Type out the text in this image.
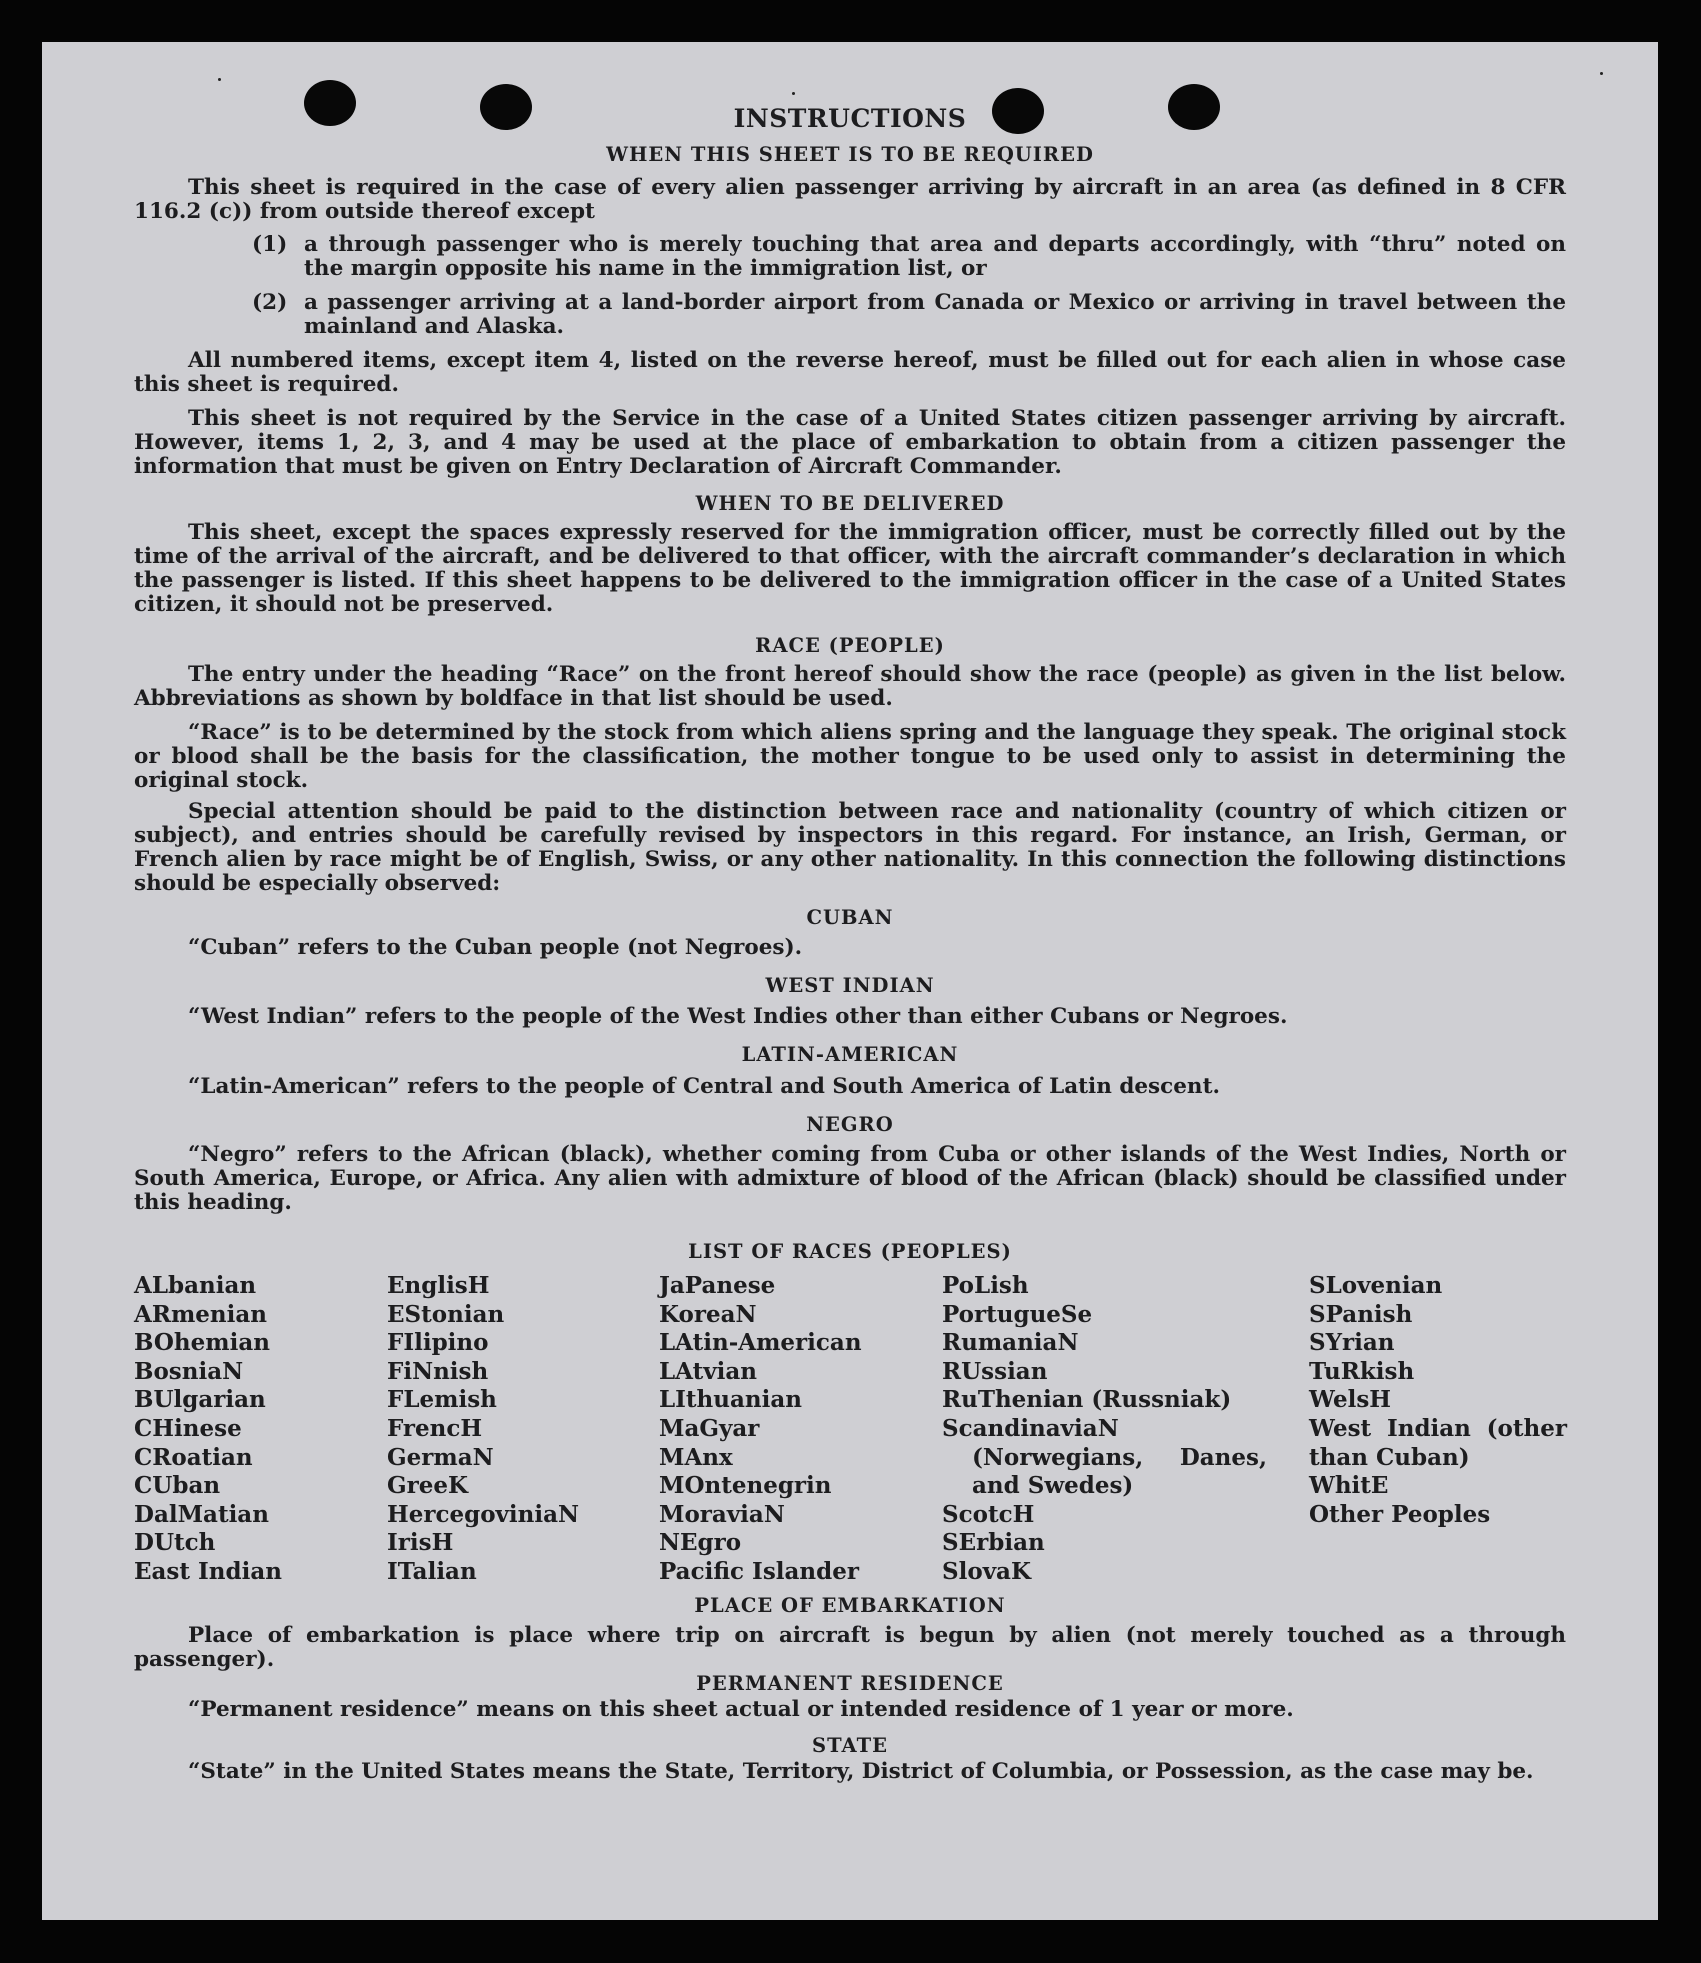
INSTRUCTIONS
WHEN THIS SHEET IS TO BE REQUIRED
This sheet is required in the case of every alien passenger arriving by aircraft in an area (as defined in 8 CFR 116.2 (c)) from outside thereof except
(1) a through passenger who is merely touching that area and departs accordingly, with “thru” noted on the margin opposite his name in the immigration list, or
(2) a passenger arriving at a land-border airport from Canada or Mexico or arriving in travel between the mainland and Alaska.
All numbered items, except item 4, listed on the reverse hereof, must be filled out for each alien in whose case this sheet is required.
This sheet is not required by the Service in the case of a United States citizen passenger arriving by aircraft. However, items 1, 2, 3, and 4 may be used at the place of embarkation to obtain from a citizen passenger the information that must be given on Entry Declaration of Aircraft Commander.
WHEN TO BE DELIVERED
This sheet, except the spaces expressly reserved for the immigration officer, must be correctly filled out by the time of the arrival of the aircraft, and be delivered to that officer, with the aircraft commander’s declaration in which the passenger is listed. If this sheet happens to be delivered to the immigration officer in the case of a United States citizen, it should not be preserved.
RACE (PEOPLE)
The entry under the heading “Race” on the front hereof should show the race (people) as given in the list below. Abbreviations as shown by boldface in that list should be used.
“Race” is to be determined by the stock from which aliens spring and the language they speak. The original stock or blood shall be the basis for the classification, the mother tongue to be used only to assist in determining the original stock.
Special attention should be paid to the distinction between race and nationality (country of which citizen or subject), and entries should be carefully revised by inspectors in this regard. For instance, an Irish, German, or French alien by race might be of English, Swiss, or any other nationality. In this connection the following distinctions should be especially observed:
CUBAN
“Cuban” refers to the Cuban people (not Negroes).
WEST INDIAN
“West Indian” refers to the people of the West Indies other than either Cubans or Negroes.
LATIN-AMERICAN
“Latin-American” refers to the people of Central and South America of Latin descent.
NEGRO
“Negro” refers to the African (black), whether coming from Cuba or other islands of the West Indies, North or South America, Europe, or Africa. Any alien with admixture of blood of the African (black) should be classified under this heading.
LIST OF RACES (PEOPLES)
ALbanian
ARmenian
BOhemian
BosniaN
BUlgarian
CHinese
CRoatian
CUban
DalMatian
DUtch
East Indian
EnglisH
EStonian
FIlipino
FiNnish
FLemish
FrencH
GermaN
GreeK
HercegoviniaN
IrisH
ITalian
JaPanese
KoreaN
LAtin-American
LAtvian
LIthuanian
MaGyar
MAnx
MOntenegrin
MoraviaN
NEgro
Pacific Islander
PoLish
PortugueSe
RumaniaN
RUssian
RuThenian (Russniak)
ScandinaviaN (Norwegians, Danes, and Swedes)
ScotcH
SErbian
SlovaK
SLovenian
SPanish
SYrian
TuRkish
WelsH
West Indian (other than Cuban)
WhitE
Other Peoples
PLACE OF EMBARKATION
Place of embarkation is place where trip on aircraft is begun by alien (not merely touched as a through passenger).
PERMANENT RESIDENCE
“Permanent residence” means on this sheet actual or intended residence of 1 year or more.
STATE
“State” in the United States means the State, Territory, District of Columbia, or Possession, as the case may be.
